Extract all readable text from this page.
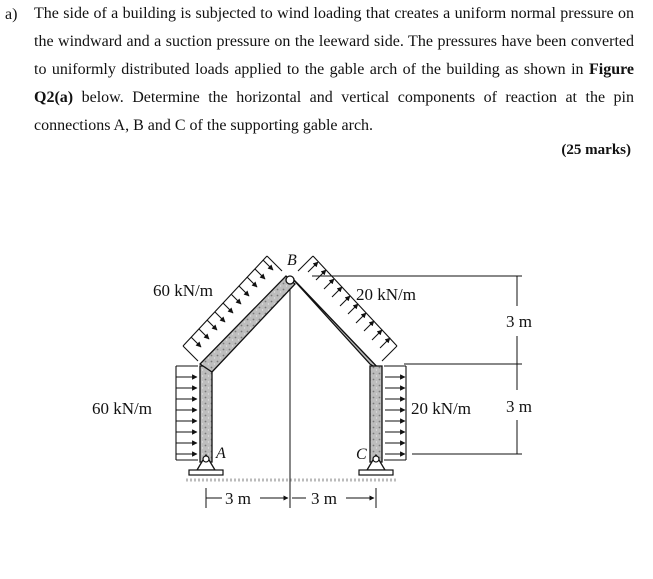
a) The side of a building is subjected to wind loading that creates a uniform normal pressure on the windward and a suction pressure on the leeward side. The pressures have been converted to uniformly distributed loads applied to the gable arch of the building as shown in Figure Q2(a) below. Determine the horizontal and vertical components of reaction at the pin connections A, B and C of the supporting gable arch.

(25 marks)
60 kN/m
60 kN/m
20 kN/m
20 kN/m
3 m
3 m
3 m	3 m
A
B
C
